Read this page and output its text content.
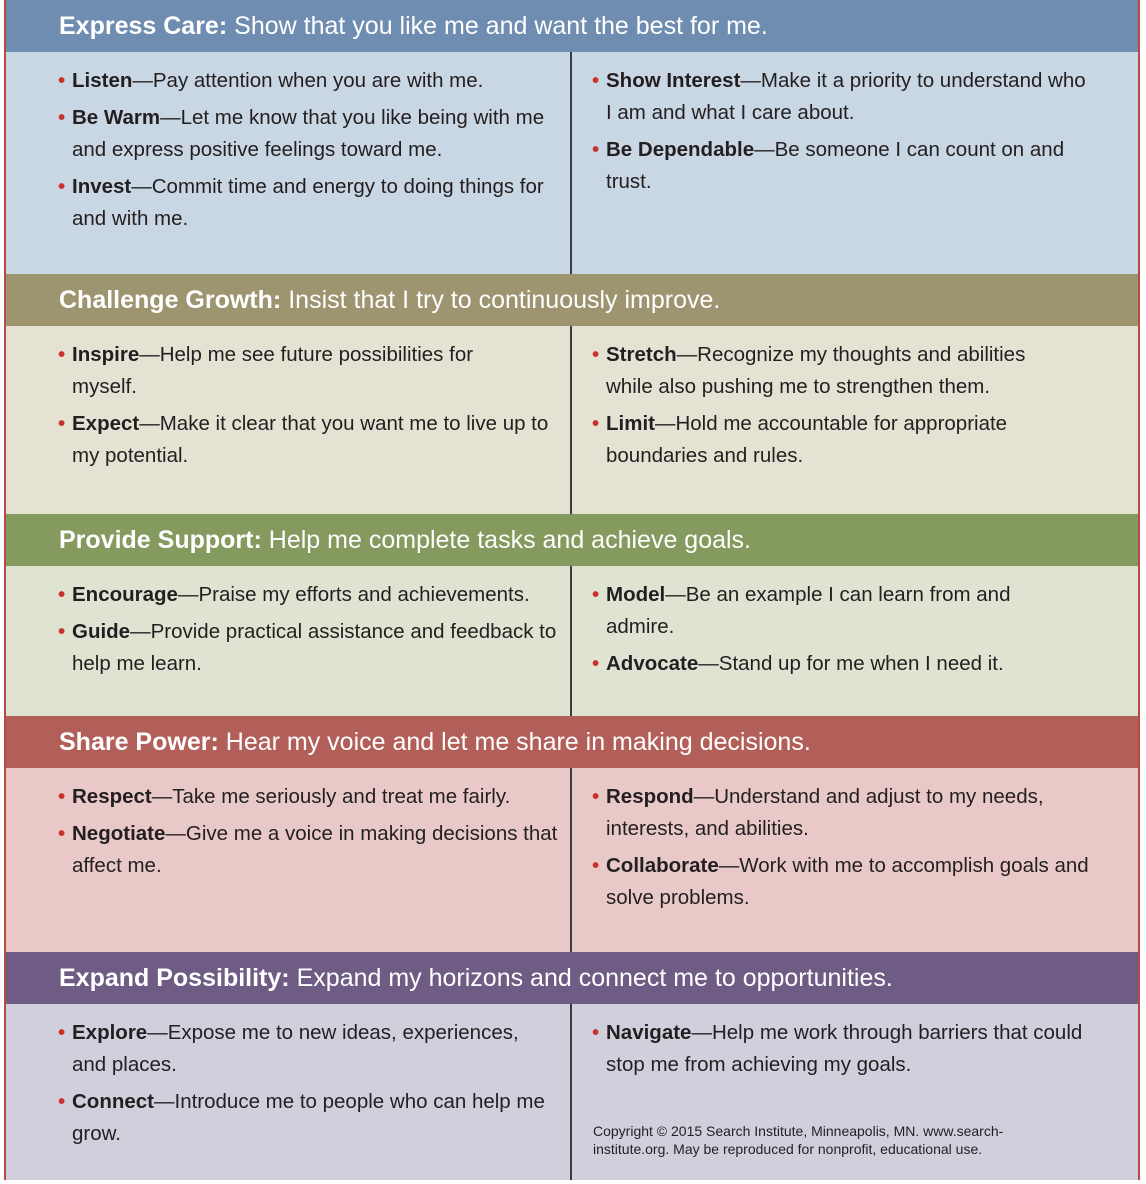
Express Care: Show that you like me and want the best for me.
• Listen—Pay attention when you are with me.
• Be Warm—Let me know that you like being with me and express positive feelings toward me.
• Invest—Commit time and energy to doing things for and with me.
• Show Interest—Make it a priority to understand who I am and what I care about.
• Be Dependable—Be someone I can count on and trust.
Challenge Growth: Insist that I try to continuously improve.
• Inspire—Help me see future possibilities for myself.
• Expect—Make it clear that you want me to live up to my potential.
• Stretch—Recognize my thoughts and abilities while also pushing me to strengthen them.
• Limit—Hold me accountable for appropriate boundaries and rules.
Provide Support: Help me complete tasks and achieve goals.
• Encourage—Praise my efforts and achievements.
• Guide—Provide practical assistance and feedback to help me learn.
• Model—Be an example I can learn from and admire.
• Advocate—Stand up for me when I need it.
Share Power: Hear my voice and let me share in making decisions.
• Respect—Take me seriously and treat me fairly.
• Negotiate—Give me a voice in making decisions that affect me.
• Respond—Understand and adjust to my needs, interests, and abilities.
• Collaborate—Work with me to accomplish goals and solve problems.
Expand Possibility: Expand my horizons and connect me to opportunities.
• Explore—Expose me to new ideas, experiences, and places.
• Connect—Introduce me to people who can help me grow.
• Navigate—Help me work through barriers that could stop me from achieving my goals.
Copyright © 2015 Search Institute, Minneapolis, MN. www.search-institute.org. May be reproduced for nonprofit, educational use.
